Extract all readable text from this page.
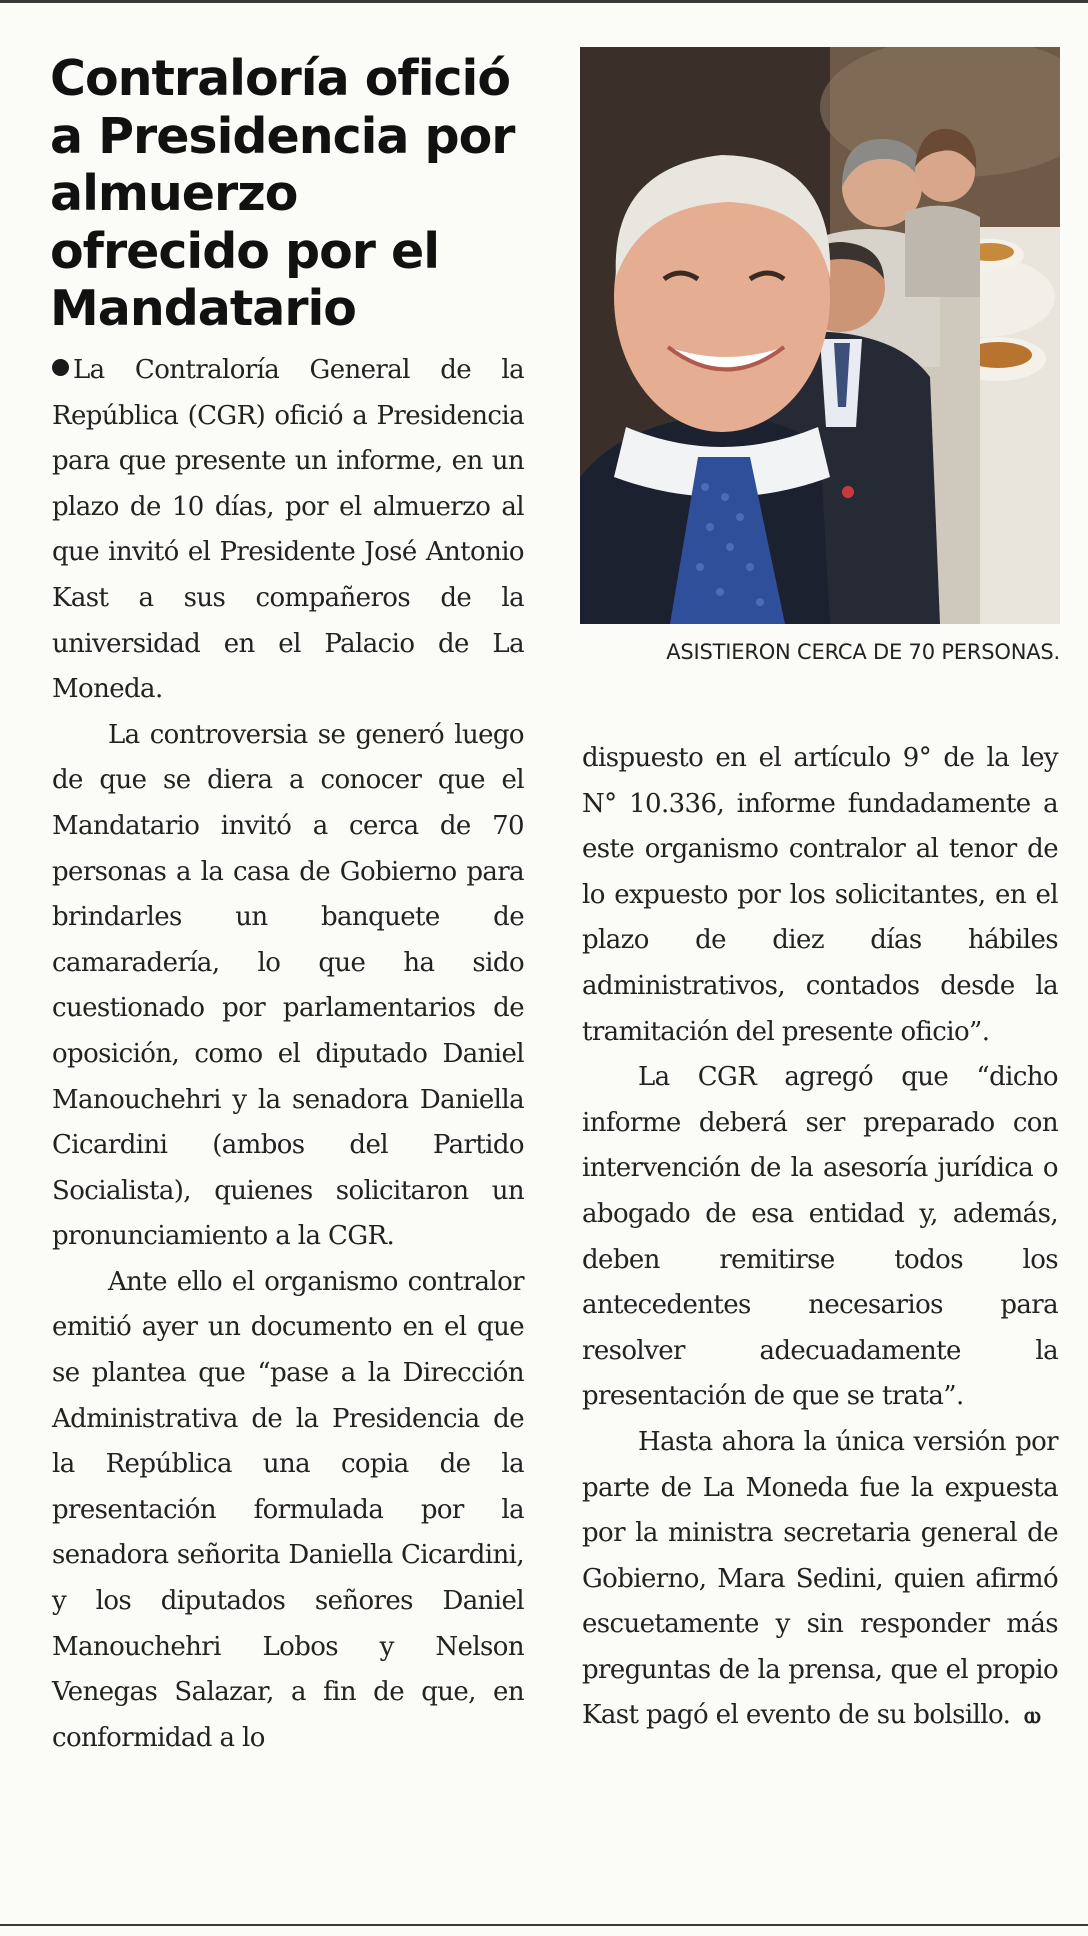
Contraloría ofició a Presidencia por almuerzo ofrecido por el Mandatario

La Contraloría General de la República (CGR) ofició a Presidencia para que presente un informe, en un plazo de 10 días, por el almuerzo al que invitó el Presidente José Antonio Kast a sus compañeros de la universidad en el Palacio de La Moneda.

La controversia se generó luego de que se diera a conocer que el Mandatario invitó a cerca de 70 personas a la casa de Gobierno para brindarles un banquete de camaradería, lo que ha sido cuestionado por parlamentarios de oposición, como el diputado Daniel Manouchehri y la senadora Daniella Cicardini (ambos del Partido Socialista), quienes solicitaron un pronunciamiento a la CGR.

Ante ello el organismo contralor emitió ayer un documento en el que se plantea que “pase a la Dirección Administrativa de la Presidencia de la República una copia de la presentación formulada por la senadora señorita Daniella Cicardini, y los diputados señores Daniel Manouchehri Lobos y Nelson Venegas Salazar, a fin de que, en conformidad a lo

ASISTIERON CERCA DE 70 PERSONAS.

dispuesto en el artículo 9° de la ley N° 10.336, informe fundadamente a este organismo contralor al tenor de lo expuesto por los solicitantes, en el plazo de diez días hábiles administrativos, contados desde la tramitación del presente oficio”.

La CGR agregó que “dicho informe deberá ser preparado con intervención de la asesoría jurídica o abogado de esa entidad y, además, deben remitirse todos los antecedentes necesarios para resolver adecuadamente la presentación de que se trata”.

Hasta ahora la única versión por parte de La Moneda fue la expuesta por la ministra secretaria general de Gobierno, Mara Sedini, quien afirmó escuetamente y sin responder más preguntas de la prensa, que el propio Kast pagó el evento de su bolsillo. ⲱ
